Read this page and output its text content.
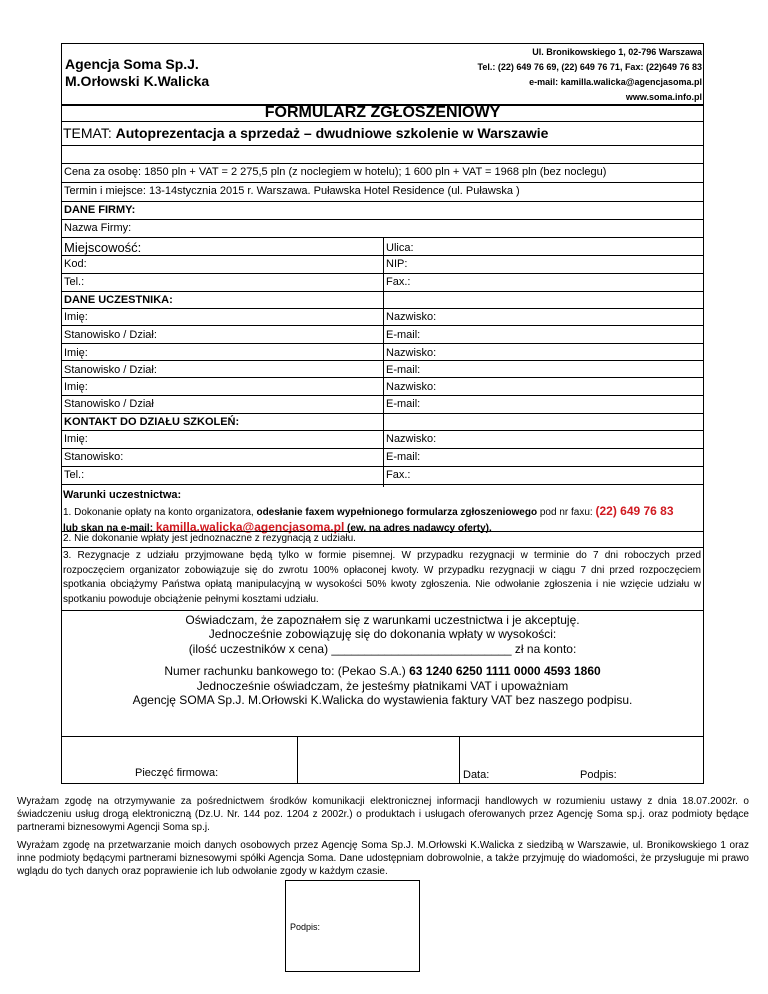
Agencja Soma Sp.J.
M.Orłowski K.Walicka
Ul. Bronikowskiego 1, 02-796 Warszawa
Tel.: (22) 649 76 69, (22) 649 76 71, Fax: (22)649 76 83
e-mail: kamilla.walicka@agencjasoma.pl
www.soma.info.pl
FORMULARZ ZGŁOSZENIOWY
TEMAT: Autoprezentacja a sprzedaż – dwudniowe szkolenie w Warszawie
Cena za osobę: 1850 pln + VAT = 2 275,5 pln (z noclegiem w hotelu); 1 600 pln + VAT = 1968 pln (bez noclegu)
Termin i miejsce: 13-14stycznia 2015 r. Warszawa. Puławska Hotel Residence (ul. Puławska )
DANE FIRMY:
Nazwa Firmy:
Miejscowość:	Ulica:
Kod:	NIP:
Tel.:	Fax.:
DANE UCZESTNIKA:
Imię:	Nazwisko:
Stanowisko / Dział:	E-mail:
Imię:	Nazwisko:
Stanowisko / Dział:	E-mail:
Imię:	Nazwisko:
Stanowisko / Dział	E-mail:
KONTAKT DO DZIAŁU SZKOLEŃ:
Imię:	Nazwisko:
Stanowisko:	E-mail:
Tel.:	Fax.:
Warunki uczestnictwa:
1. Dokonanie opłaty na konto organizatora, odesłanie faxem wypełnionego formularza zgłoszeniowego pod nr faxu: (22) 649 76 83
lub skan na e-mail: kamilla.walicka@agencjasoma.pl (ew. na adres nadawcy oferty).
2. Nie dokonanie wpłaty jest jednoznaczne z rezygnacją z udziału.
3. Rezygnacje z udziału przyjmowane będą tylko w formie pisemnej. W przypadku rezygnacji w terminie do 7 dni roboczych przed rozpoczęciem organizator zobowiązuje się do zwrotu 100% opłaconej kwoty. W przypadku rezygnacji w ciągu 7 dni przed rozpoczęciem spotkania obciążymy Państwa opłatą manipulacyjną w wysokości 50% kwoty zgłoszenia. Nie odwołanie zgłoszenia i nie wzięcie udziału w spotkaniu powoduje obciążenie pełnymi kosztami udziału.
Oświadczam, że zapoznałem się z warunkami uczestnictwa i je akceptuję.
Jednocześnie zobowiązuję się do dokonania wpłaty w wysokości:
(ilość uczestników x cena) ___________________________ zł na konto:
Numer rachunku bankowego to: (Pekao S.A.) 63 1240 6250 1111 0000 4593 1860
Jednocześnie oświadczam, że jesteśmy płatnikami VAT i upoważniam
Agencję SOMA Sp.J. M.Orłowski K.Walicka do wystawienia faktury VAT bez naszego podpisu.
Pieczęć firmowa:	Data:	Podpis:
Wyrażam zgodę na otrzymywanie za pośrednictwem środków komunikacji elektronicznej informacji handlowych w rozumieniu ustawy z dnia 18.07.2002r. o świadczeniu usług drogą elektroniczną (Dz.U. Nr. 144 poz. 1204 z 2002r.) o produktach i usługach oferowanych przez Agencję Soma sp.j. oraz podmioty będące partnerami biznesowymi Agencji Soma sp.j.
Wyrażam zgodę na przetwarzanie moich danych osobowych przez Agencję Soma Sp.J. M.Orłowski K.Walicka z siedzibą w Warszawie, ul. Bronikowskiego 1 oraz inne podmioty będącymi partnerami biznesowymi spółki Agencja Soma. Dane udostępniam dobrowolnie, a także przyjmuję do wiadomości, że przysługuje mi prawo wglądu do tych danych oraz poprawienie ich lub odwołanie zgody w każdym czasie.
Podpis:
